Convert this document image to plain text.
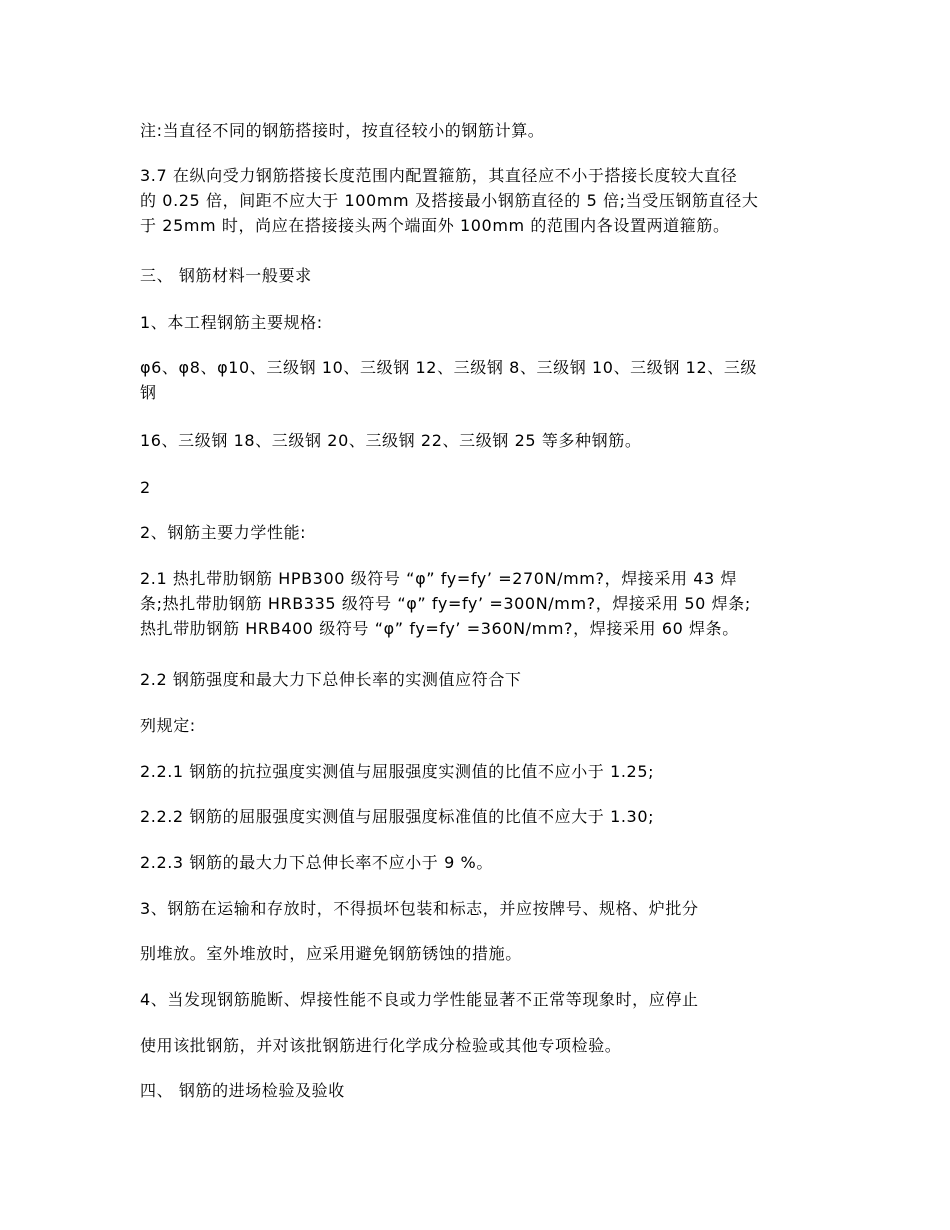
注:当直径不同的钢筋搭接时，按直径较小的钢筋计算。

3.7 在纵向受力钢筋搭接长度范围内配置箍筋，其直径应不小于搭接长度较大直径
的 0.25 倍，间距不应大于 100mm 及搭接最小钢筋直径的 5 倍;当受压钢筋直径大
于 25mm 时，尚应在搭接接头两个端面外 100mm 的范围内各设置两道箍筋。

三、 钢筋材料一般要求

1、本工程钢筋主要规格:

φ6、φ8、φ10、三级钢 10、三级钢 12、三级钢 8、三级钢 10、三级钢 12、三级
钢

16、三级钢 18、三级钢 20、三级钢 22、三级钢 25 等多种钢筋。

2

2、钢筋主要力学性能:

2.1 热扎带肋钢筋 HPB300 级符号 “φ” fy=fy’ =270N/mm?，焊接采用 43 焊
条;热扎带肋钢筋 HRB335 级符号 “φ” fy=fy’ =300N/mm?，焊接采用 50 焊条;
热扎带肋钢筋 HRB400 级符号 “φ” fy=fy’ =360N/mm?，焊接采用 60 焊条。

2.2 钢筋强度和最大力下总伸长率的实测值应符合下

列规定:

2.2.1 钢筋的抗拉强度实测值与屈服强度实测值的比值不应小于 1.25;

2.2.2 钢筋的屈服强度实测值与屈服强度标准值的比值不应大于 1.30;

2.2.3 钢筋的最大力下总伸长率不应小于 9 %。

3、钢筋在运输和存放时，不得损坏包装和标志，并应按牌号、规格、炉批分

别堆放。室外堆放时，应采用避免钢筋锈蚀的措施。

4、当发现钢筋脆断、焊接性能不良或力学性能显著不正常等现象时，应停止

使用该批钢筋，并对该批钢筋进行化学成分检验或其他专项检验。

四、 钢筋的进场检验及验收
